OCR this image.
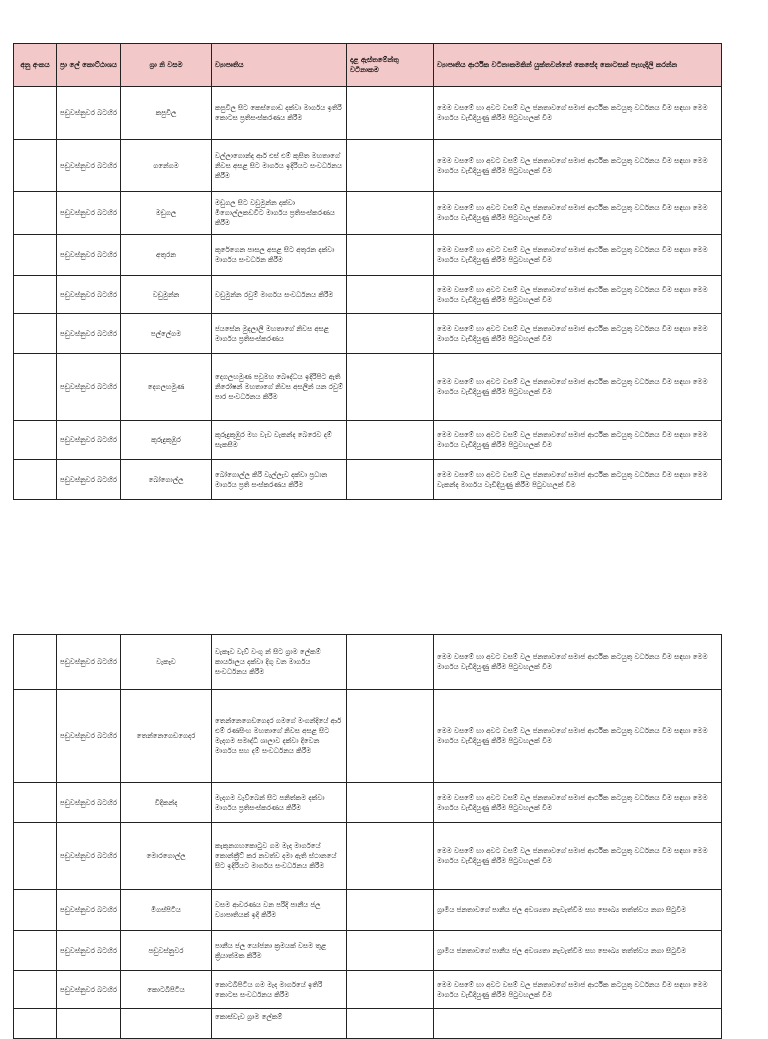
අනු අංකය	ප්‍රා ලේ කොට්ඨාශය	ග්‍රා නි වසම	ව්‍යාපෘතිය	දළ ඇස්තමේන්තු වටිනාකම	ව්‍යාපෘතිය ආර්ථික වටිනාකමකින් යුක්තවන්නේ කෙසේද කොටසක් පැහැදිලි කරන්න
	පඩුවස්නුවර බටහිර	කපුවිල	කපුවිල සිට කෙස්ගොඩ දක්වා මාර්ගය ඉතිරි කොටස ප්‍රතිසංස්කරණය කිරීම		මෙම වසමේ හා අවට වසම් වල ජනතාවගේ සමාජ ආර්ථික කටයුතු වර්ධනය වීම සඳහා මෙම මාර්ගය වැඩිදියුණු කිරීම පිටුවහලක් වීම
	පඩුවස්නුවර බටහිර	ගනේගම	වල්ලාගොන්ද ආර් එස් එම් කුසිත මහතාගේ නිවස අසළ සිට මාර්ගය ඉදිරියට සංවර්ධනය කිරීම		මෙම වසමේ හා අවට වසම් වල ජනතාවගේ සමාජ ආර්ථික කටයුතු වර්ධනය වීම සඳහා මෙම මාර්ගය වැඩිදියුණු කිරීම පිටුවහලක් වීම
	පඩුවස්නුවර බටහිර	මඩුගල	මඩුගල සිට වඩුමුන්න දක්වා මීගොල්ලකඩවිට මාර්ගය ප්‍රතිසංස්කරණය කිරීම		මෙම වසමේ හා අවට වසම් වල ජනතාවගේ සමාජ ආර්ථික කටයුතු වර්ධනය වීම සඳහා මෙම මාර්ගය වැඩිදියුණු කිරීම පිටුවහලක් වීම
	පඩුවස්නුවර බටහිර	අතුරන	කුරේගෙන පාසල අසළ සිට අතුරන දක්වා මාර්ගය සංවර්ධන කිරීම		මෙම වසමේ හා අවට වසම් වල ජනතාවගේ සමාජ ආර්ථික කටයුතු වර්ධනය වීම සඳහා මෙම මාර්ගය වැඩිදියුණු කිරීම පිටුවහලක් වීම
	පඩුවස්නුවර බටහිර	වඩුමුන්න	වඩුමුන්න රවුම් මාර්ගය සංවර්ධනය කිරීම		මෙම වසමේ හා අවට වසම් වල ජනතාවගේ සමාජ ආර්ථික කටයුතු වර්ධනය වීම සඳහා මෙම මාර්ගය වැඩිදියුණු කිරීම පිටුවහලක් වීම
	පඩුවස්නුවර බටහිර	පල්ලේගම	ජයසේන මුදලාලි මහතාගේ නිවස අසළ මාර්ගය ප්‍රතිසංස්කරණය		මෙම වසමේ හා අවට වසම් වල ජනතාවගේ සමාජ ආර්ථික කටයුතු වර්ධනය වීම සඳහා මෙම මාර්ගය වැඩිදියුණු කිරීම පිටුවහලක් වීම
	පඩුවස්නුවර බටහිර	දෙගලහමුණ	දෙගලහමුණ පවුමහ බෞද්ධය ඉදිරිපිට ඇති නිරෝෂන් මහතාගේ නිවස අසලින් යන රවුම් පාර සංවර්ධනය කිරීම		මෙම වසමේ හා අවට වසම් වල ජනතාවගේ සමාජ ආර්ථික කටයුතු වර්ධනය වීම සඳහා මෙම මාර්ගය වැඩිදියුණු කිරීම පිටුවහලක් වීම
	පඩුවස්නුවර බටහිර	කුරුදුකුඹුර	කුරුදුකුඹුර මහ වැව වැකන්ද බෙරෙව දම් සැකසීම		මෙම වසමේ හා අවට වසම් වල ජනතාවගේ සමාජ ආර්ථික කටයුතු වර්ධනය වීම සඳහා මෙම මාර්ගය වැඩිදියුණු කිරීම පිටුවහලක් වීම
	පඩුවස්නුවර බටහිර	බෝගොල්ල	බෝගොල්ල කිරි වැල්ලැව දක්වා ප්‍රධාන මාර්ගය ප්‍රති සංස්කරණය කිරීම		මෙම වසමේ හා අවට වසම් වල ජනතාවගේ සමාජ ආර්ථික කටයුතු වර්ධනය වීම සඳහා මෙම වැකන්ද මාර්ගය වැඩිදියුණු කිරීම පිටුවහලක් වීම
	පඩුවස්නුවර බටහිර	වැකෑව	වැකෑව වැව් වංගු න් සිට ග්‍රාම ලේකම් කාර්යාලය දක්වා දිගු වන මාර්ගය සංවර්ධනය කිරීම		මෙම වසමේ හා අවට වසම් වල ජනතාවගේ සමාජ ආර්ථික කටයුතු වර්ධනය වීම සඳහා මෙම මාර්ගය වැඩිදියුණු කිරීම පිටුවහලක් වීම
	පඩුවස්නුවර බටහිර	තෙන්නෙගෙඩගෙදර	තෙන්නෙගෙඩගෙදර ගමගේ මංගන්දියේ ආර් එම් රණසිංහ මහතාගේ නිවස අසළ සිට මැදගම සමෘද්ධි ශාලාව දක්වා දිවෙන මාර්ගය සහ දම් සංවර්ධනය කිරීම		මෙම වසමේ හා අවට වසම් වල ජනතාවගේ සමාජ ආර්ථික කටයුතු වර්ධනය වීම සඳහා මෙම මාර්ගය වැඩිදියුණු කිරීම පිටුවහලක් වීම
	පඩුවස්නුවර බටහිර	විදිකන්ද	මැදගම වැව්බෙන් සිට පනිත්කම දක්වා මාර්ගය ප්‍රතිසංස්කරණය කිරීම		මෙම වසමේ හා අවට වසම් වල ජනතාවගේ සමාජ ආර්ථික කටයුතු වර්ධනය වීම සඳහා මෙම මාර්ගය වැඩිදියුණු කිරීම පිටුවහලක් වීම
	පඩුවස්නුවර බටහිර	මොරගොල්ල	කැකුනගහකොටුව ගම මැද මාර්ගයේ කොන්ක්‍රීට් කර නවත්ව දමා ඇති ස්ථානයේ සිට ඉදිරියට මාර්ගය සංවර්ධනය කිරීම		මෙම වසමේ හා අවට වසම් වල ජනතාවගේ සමාජ ආර්ථික කටයුතු වර්ධනය වීම සඳහා මෙම මාර්ගය වැඩිදියුණු කිරීම පිටුවහලක් වීම
	පඩුවස්නුවර බටහිර	මීගස්පිටිය	වසම ආවරණය වන පරිදි පානීය ජල ව්‍යාපෘතියක් ඉදි කිරීම		ග්‍රාමීය ජනතාවගේ පානීය ජල අවශ්‍යතා නැවැත්වීම සහ සෞඛ්‍ය තත්ත්වය නගා සිටුවීම
	පඩුවස්නුවර බටහිර	පඩුවස්නුවර	පානීය ජල යෝජනා ක්‍රමයක් වසම තුළ ක්‍රියාත්මක කිරීම		ග්‍රාමීය ජනතාවගේ පානීය ජල අවශ්‍යතා නැවැත්වීම සහ සෞඛ්‍ය තත්ත්වය නගා සිටුවීම
	පඩුවස්නුවර බටහිර	කොටබිපිටිය	කොටබිපිටිය ගම මැද මාර්ගයේ ඉතිරි කොටස සංවර්ධනය කිරීම		මෙම වසමේ හා අවට වසම් වල ජනතාවගේ සමාජ ආර්ථික කටයුතු වර්ධනය වීම සඳහා මෙම මාර්ගය වැඩිදියුණු කිරීම පිටුවහලක් වීම
			කොස්වැව ග්‍රාම ලේකම්		
